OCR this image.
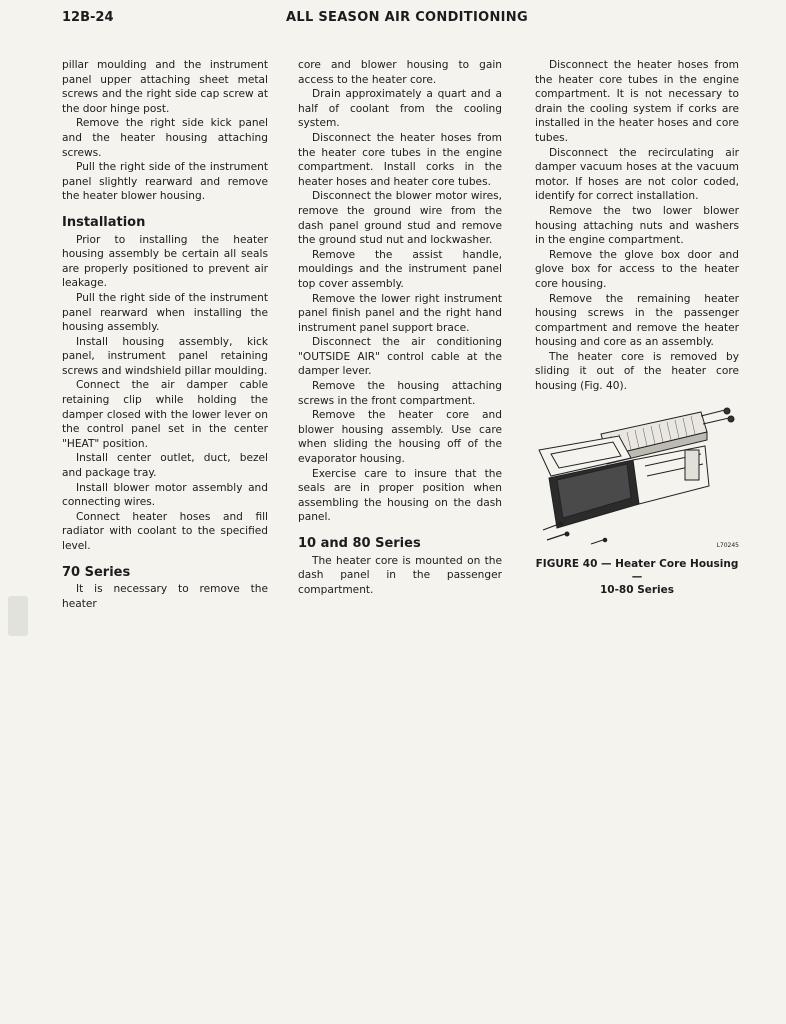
12B-24	ALL SEASON AIR CONDITIONING

pillar moulding and the instrument panel upper attaching sheet metal screws and the right side cap screw at the door hinge post.

Remove the right side kick panel and the heater housing attaching screws.

Pull the right side of the instrument panel slightly rearward and remove the heater blower housing.

Installation

Prior to installing the heater housing assembly be certain all seals are properly positioned to prevent air leakage.

Pull the right side of the instrument panel rearward when installing the housing assembly.

Install housing assembly, kick panel, instrument panel retaining screws and windshield pillar moulding.

Connect the air damper cable retaining clip while holding the damper closed with the lower lever on the control panel set in the center "HEAT" position.

Install center outlet, duct, bezel and package tray.

Install blower motor assembly and connecting wires.

Connect heater hoses and fill radiator with coolant to the specified level.

70 Series

It is necessary to remove the heater

core and blower housing to gain access to the heater core.

Drain approximately a quart and a half of coolant from the cooling system.

Disconnect the heater hoses from the heater core tubes in the engine compartment. Install corks in the heater hoses and heater core tubes.

Disconnect the blower motor wires, remove the ground wire from the dash panel ground stud and remove the ground stud nut and lockwasher.

Remove the assist handle, mouldings and the instrument panel top cover assembly.

Remove the lower right instrument panel finish panel and the right hand instrument panel support brace.

Disconnect the air conditioning "OUTSIDE AIR" control cable at the damper lever.

Remove the housing attaching screws in the front compartment.

Remove the heater core and blower housing assembly. Use care when sliding the housing off of the evaporator housing.

Exercise care to insure that the seals are in proper position when assembling the housing on the dash panel.

10 and 80 Series

The heater core is mounted on the dash panel in the passenger compartment.

Disconnect the heater hoses from the heater core tubes in the engine compartment. It is not necessary to drain the cooling system if corks are installed in the heater hoses and core tubes.

Disconnect the recirculating air damper vacuum hoses at the vacuum motor. If hoses are not color coded, identify for correct installation.

Remove the two lower blower housing attaching nuts and washers in the engine compartment.

Remove the glove box door and glove box for access to the heater core housing.

Remove the remaining heater housing screws in the passenger compartment and remove the heater housing and core as an assembly.

The heater core is removed by sliding it out of the heater core housing (Fig. 40).

L70245
FIGURE 40 — Heater Core Housing —
10-80 Series
